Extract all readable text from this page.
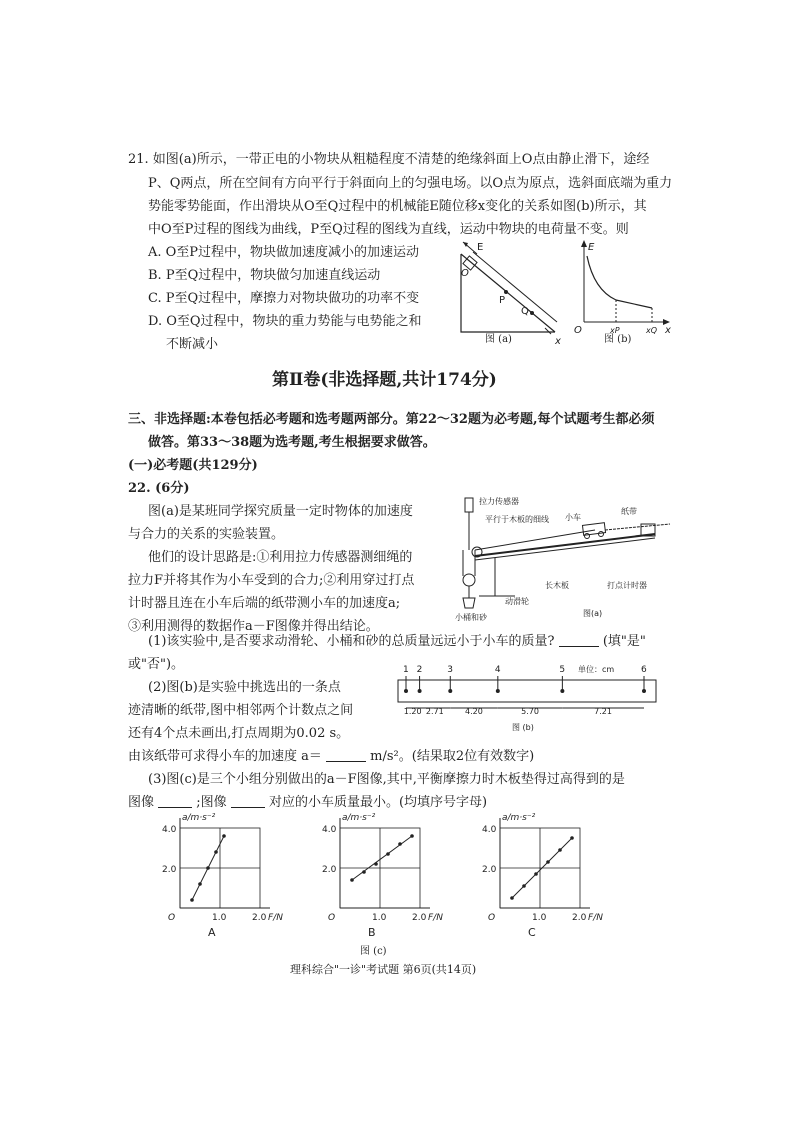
21. 如图(a)所示，一带正电的小物块从粗糙程度不清楚的绝缘斜面上O点由静止滑下，途经
P、Q两点，所在空间有方向平行于斜面向上的匀强电场。以O点为原点，选斜面底端为重力
势能零势能面，作出滑块从O至Q过程中的机械能E随位移x变化的关系如图(b)所示，其
中O至P过程的图线为曲线，P至Q过程的图线为直线，运动中物块的电荷量不变。则
A. O至P过程中，物块做加速度减小的加速运动
B. P至Q过程中，物块做匀加速直线运动
C. P至Q过程中，摩擦力对物块做功的功率不变
D. O至Q过程中，物块的重力势能与电势能之和
不断减小
E
O
P
Q
x
图 (a)
E
O	xP	xQ x
图 (b)
第Ⅱ卷(非选择题,共计174分)
三、非选择题:本卷包括必考题和选考题两部分。第22～32题为必考题,每个试题考生都必须
做答。第33～38题为选考题,考生根据要求做答。
(一)必考题(共129分)
22. (6分)
图(a)是某班同学探究质量一定时物体的加速度
与合力的关系的实验装置。
他们的设计思路是:①利用拉力传感器测细绳的
拉力F并将其作为小车受到的合力;②利用穿过打点
计时器且连在小车后端的纸带测小车的加速度a;
③利用测得的数据作a－F图像并得出结论。
拉力传感器
平行于木板的细线 小车
纸带
长木板	打点计时器
动滑轮
小桶和砂	图(a)
(1)该实验中,是否要求动滑轮、小桶和砂的总质量远远小于小车的质量?	(填"是"
或"否")。
(2)图(b)是实验中挑选出的一条点
迹清晰的纸带,图中相邻两个计数点之间
还有4个点未画出,打点周期为0.02 s。
由该纸带可求得小车的加速度 a＝	m/s²。(结果取2位有效数字)
1 2	3	4	5	6
1.20 2.71	4.20	5.70	7.21
单位：cm
图 (b)
(3)图(c)是三个小组分别做出的a－F图像,其中,平衡摩擦力时木板垫得过高得到的是
图像	;图像	对应的小车质量最小。(均填序号字母)
a/m·s⁻²
4.0
2.0
O	1.0	2.0 F/N
A
a/m·s⁻²
4.0
2.0
O	1.0	2.0 F/N
B
a/m·s⁻²
4.0
2.0
O	1.0	2.0 F/N
C
图 (c)
理科综合"一诊"考试题 第6页(共14页)
